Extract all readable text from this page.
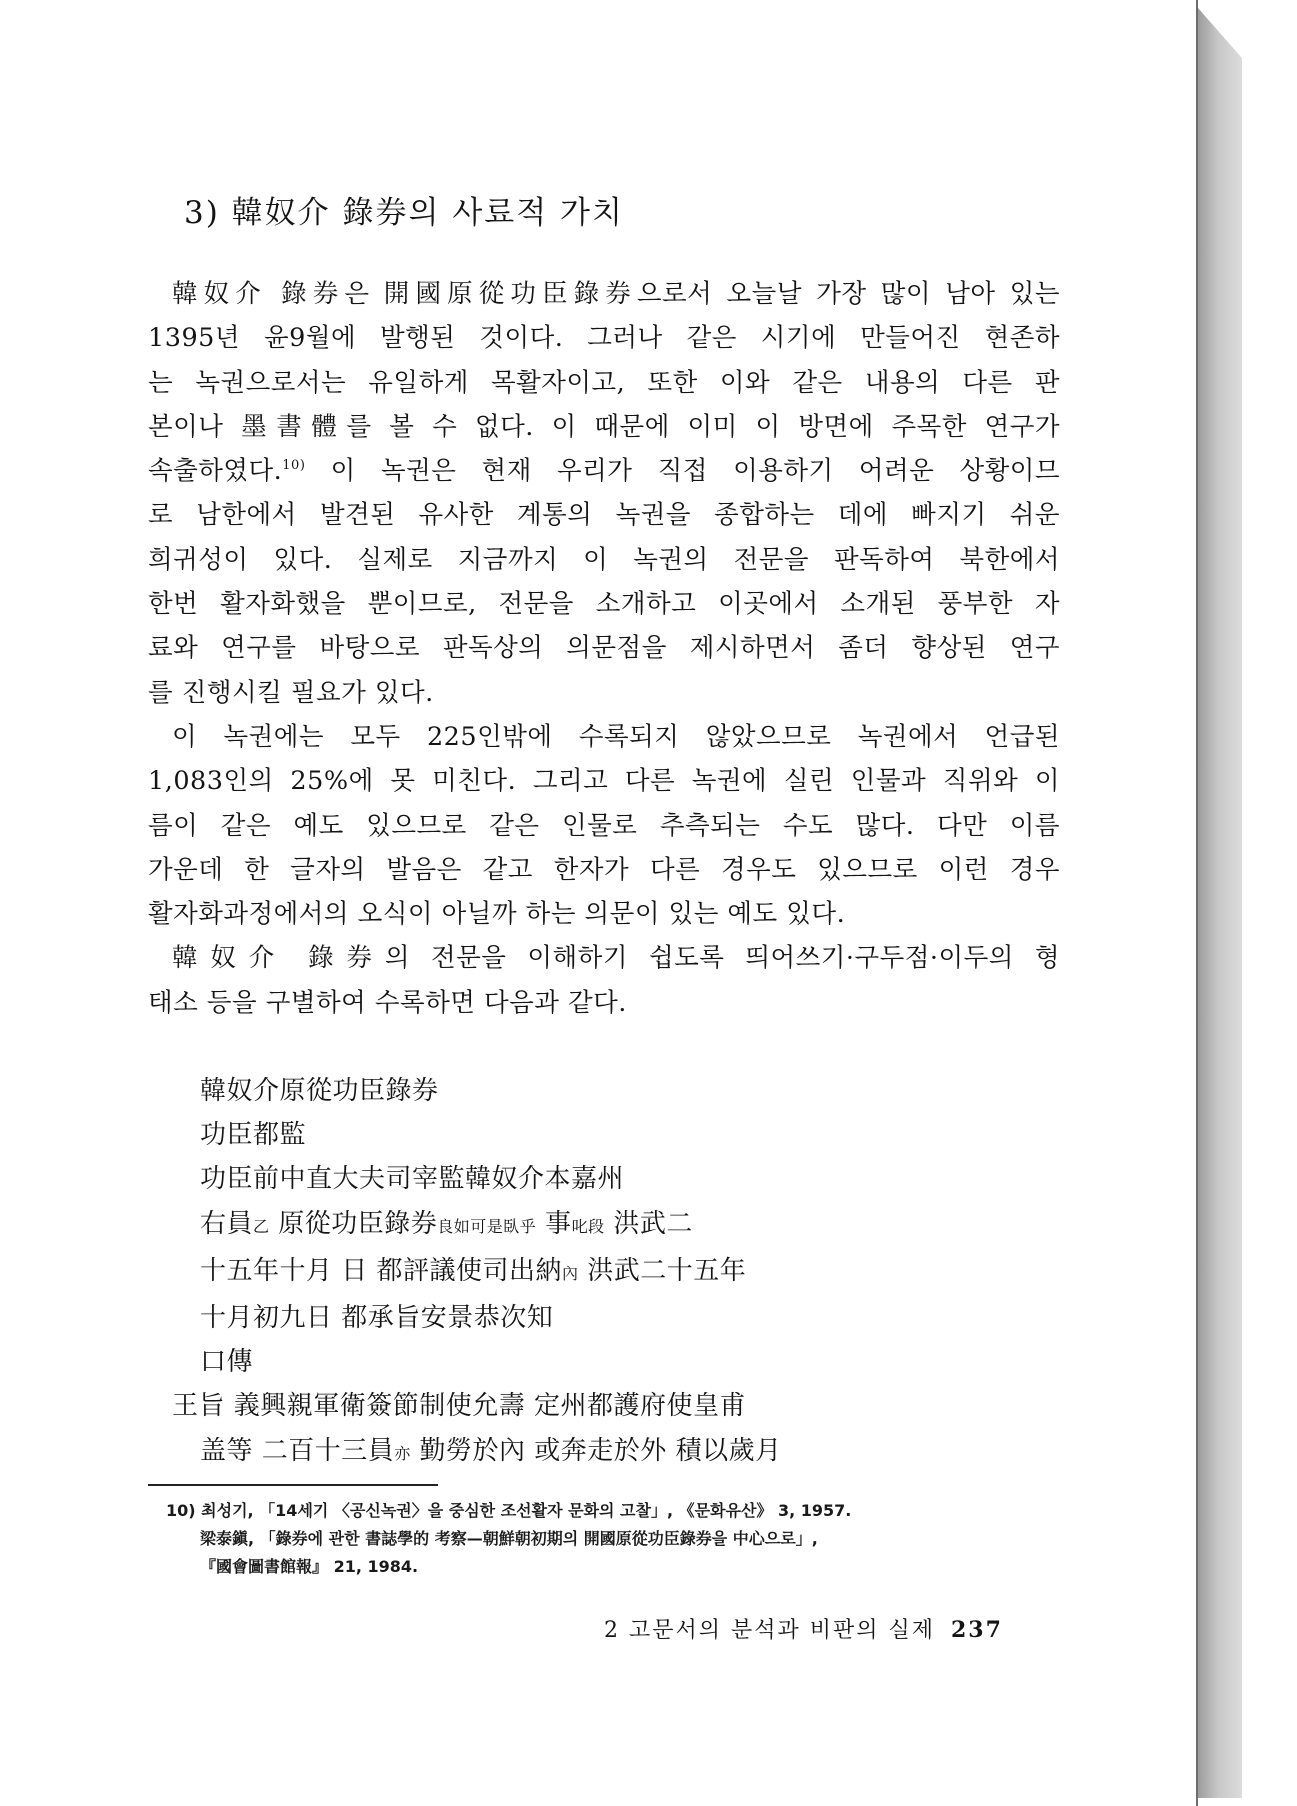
3) 韓奴介 錄券의 사료적 가치
韓奴介 錄券은 開國原從功臣錄券으로서 오늘날 가장 많이 남아 있는
1395년 윤9월에 발행된 것이다. 그러나 같은 시기에 만들어진 현존하
는 녹권으로서는 유일하게 목활자이고, 또한 이와 같은 내용의 다른 판
본이나 墨書體를 볼 수 없다. 이 때문에 이미 이 방면에 주목한 연구가
속출하였다.$^{10)}$ 이 녹권은 현재 우리가 직접 이용하기 어려운 상황이므
로 남한에서 발견된 유사한 계통의 녹권을 종합하는 데에 빠지기 쉬운
희귀성이 있다. 실제로 지금까지 이 녹권의 전문을 판독하여 북한에서
한번 활자화했을 뿐이므로, 전문을 소개하고 이곳에서 소개된 풍부한 자
료와 연구를 바탕으로 판독상의 의문점을 제시하면서 좀더 향상된 연구
를 진행시킬 필요가 있다.
이 녹권에는 모두 225인밖에 수록되지 않았으므로 녹권에서 언급된
1,083인의 25%에 못 미친다. 그리고 다른 녹권에 실린 인물과 직위와 이
름이 같은 예도 있으므로 같은 인물로 추측되는 수도 많다. 다만 이름
가운데 한 글자의 발음은 같고 한자가 다른 경우도 있으므로 이런 경우
활자화과정에서의 오식이 아닐까 하는 의문이 있는 예도 있다.
韓奴介 錄券의 전문을 이해하기 쉽도록 띄어쓰기·구두점·이두의 형
태소 등을 구별하여 수록하면 다음과 같다.
韓奴介原從功臣錄券
功臣都監
功臣前中直大夫司宰監韓奴介本嘉州
右員乙 原從功臣錄券良如可是臥乎 事叱段 洪武二
十五年十月 日 都評議使司出納內 洪武二十五年
十月初九日 都承旨安景恭次知
口傳
王旨 義興親軍衛簽節制使允壽 定州都護府使皇甫
盖等 二百十三員亦 勤勞於內 或奔走於外 積以歲月
10) 최성기, 「14세기 〈공신녹권〉을 중심한 조선활자 문화의 고찰」, 《문화유산》 3, 1957.
梁泰鎭, 「錄券에 관한 書誌學的 考察—朝鮮朝初期의 開國原從功臣錄券을 中心으로」,
『國會圖書館報』 21, 1984.
2 고문서의 분석과 비판의 실제 237
